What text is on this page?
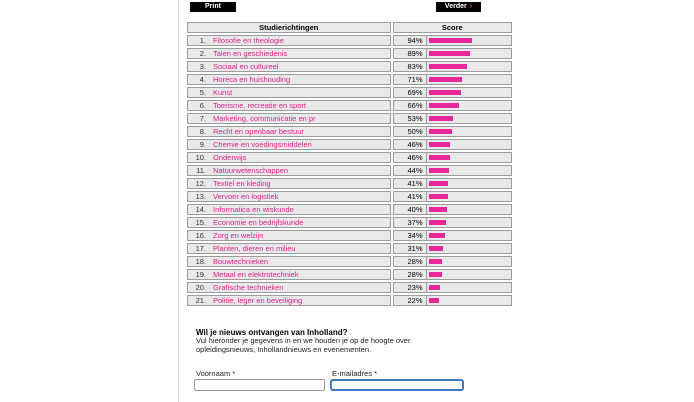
Print	Verder ›
Studierichtingen	Score
1. Filosofie en theologie	94%

2. Talen en geschiedenis	89%

3. Sociaal en cultureel	83%

4. Horeca en huishouding	71%

5. Kunst	69%

6. Toerisme, recreatie en sport	66%

7. Marketing, communicatie en pr	53%

8. Recht en openbaar bestuur	50%

9. Chemie en voedingsmiddelen	46%

10. Onderwijs	46%

11. Natuurwetenschappen	44%

12. Textiel en kleding	41%

13. Vervoer en logistiek	41%

14. Informatica en wiskunde	40%

15. Economie en bedrijfskunde	37%

16. Zorg en welzijn	34%

17. Planten, dieren en milieu	31%

18. Bouwtechnieken	28%

19. Metaal en elektrotechniek	28%

20. Grafische technieken	23%

21. Politie, leger en beveiliging	22%
Wil je nieuws ontvangen van Inholland?
Vul hieronder je gegevens in en we houden je op de hoogte over opleidingsnieuws, Inhollandnieuws en evenementen.
Voornaam *	E-mailadres *
